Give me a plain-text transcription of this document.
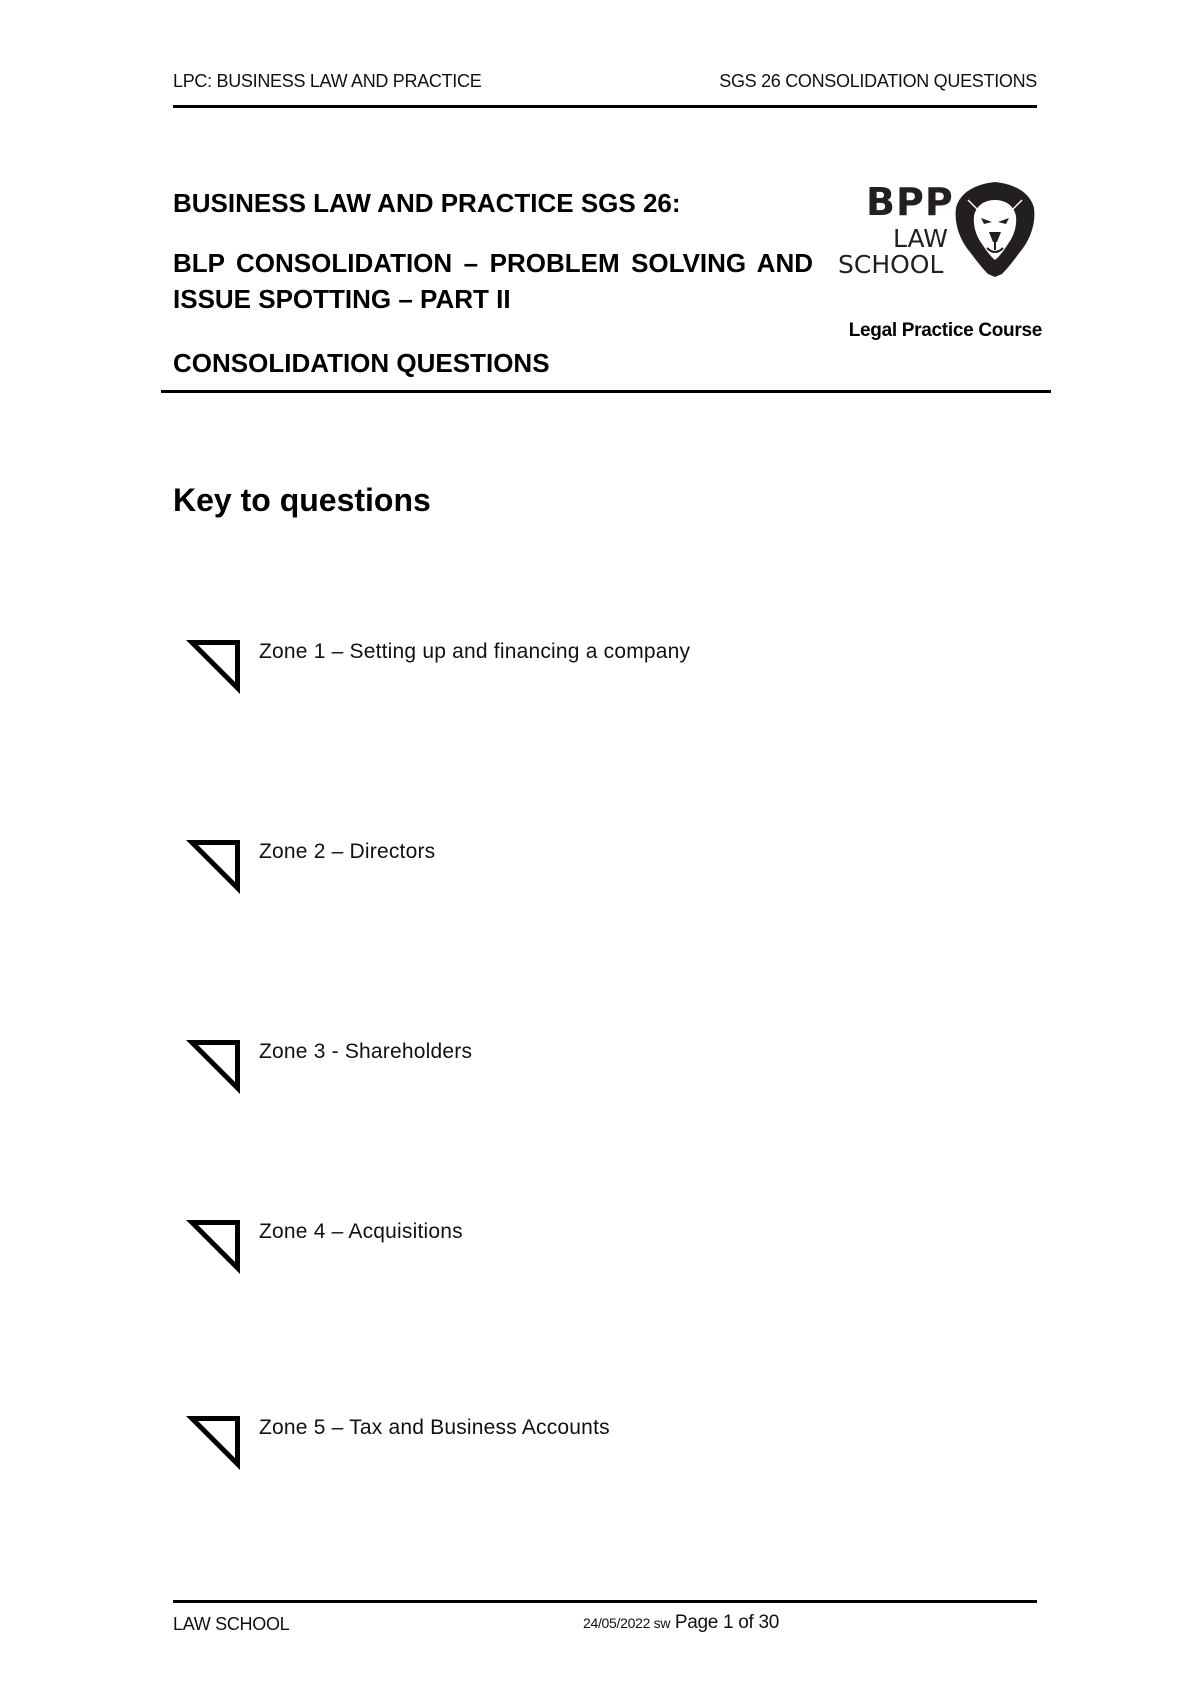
LPC: BUSINESS LAW AND PRACTICE	SGS 26 CONSOLIDATION QUESTIONS
BUSINESS LAW AND PRACTICE SGS 26:
BLP CONSOLIDATION – PROBLEM SOLVING AND ISSUE SPOTTING – PART II
CONSOLIDATION QUESTIONS
BPP
LAW
SCHOOL
Legal Practice Course
Key to questions
Zone 1 – Setting up and financing a company
Zone 2 – Directors
Zone 3 - Shareholders
Zone 4 – Acquisitions
Zone 5 – Tax and Business Accounts
LAW SCHOOL	24/05/2022 sw Page 1 of 30
